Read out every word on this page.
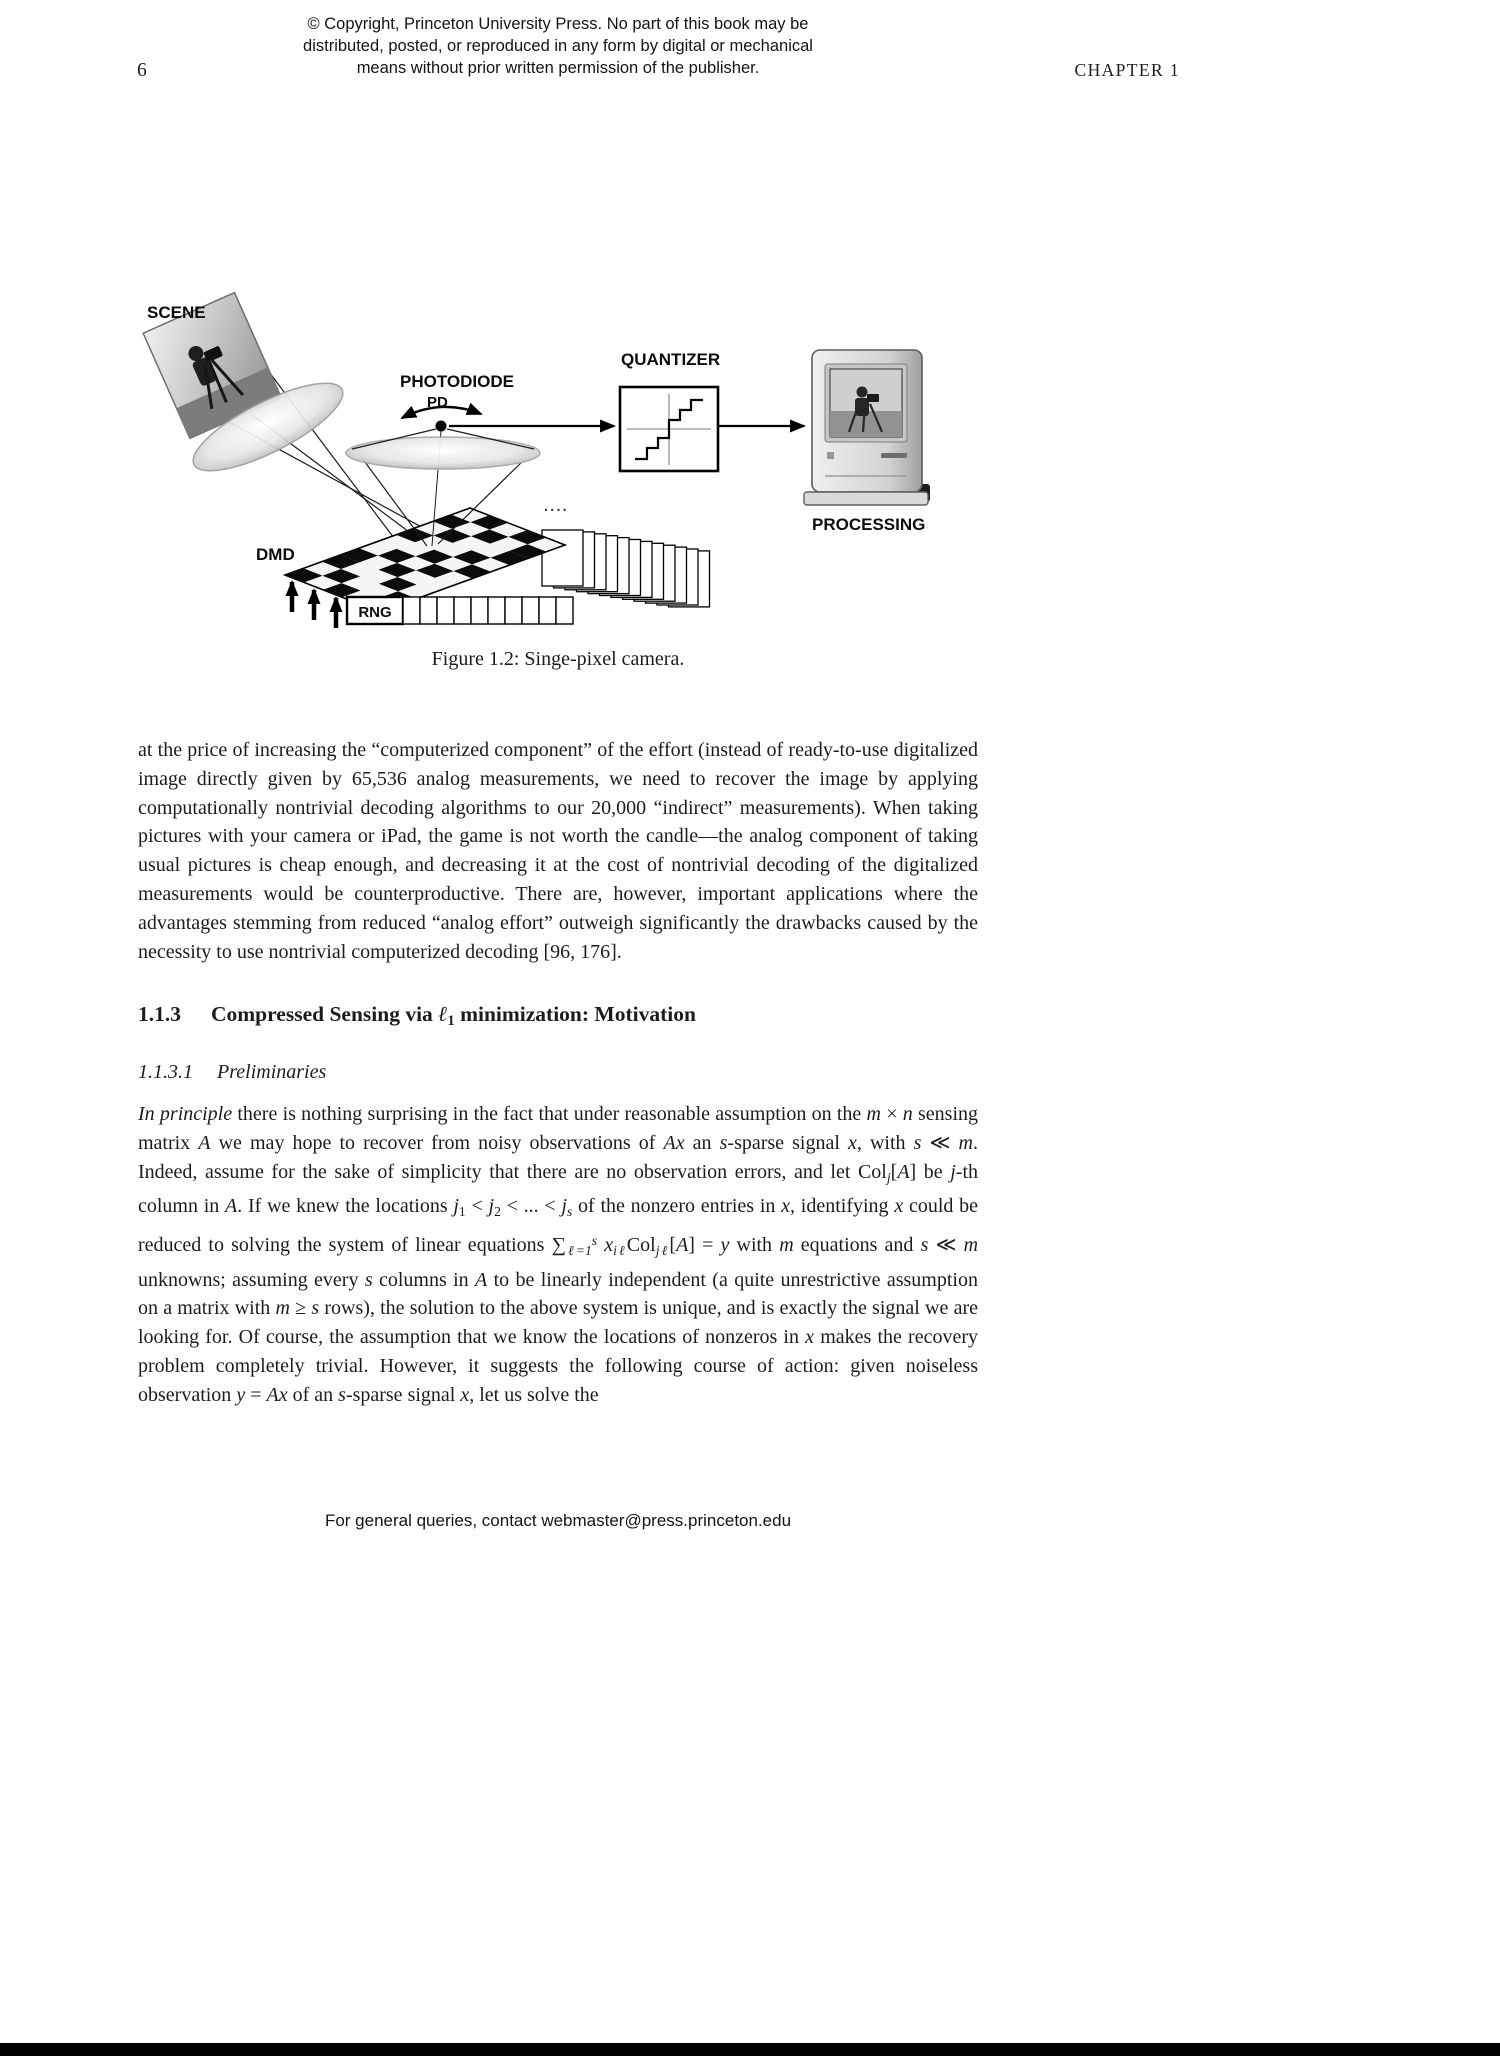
© Copyright, Princeton University Press. No part of this book may be
distributed, posted, or reproduced in any form by digital or mechanical
means without prior written permission of the publisher.
6	CHAPTER 1
SCENE
PHOTODIODE
PD
QUANTIZER
PROCESSING
DMD
RNG
....
Figure 1.2: Singe-pixel camera.

at the price of increasing the “computerized component” of the effort (instead of ready-to-use digitalized image directly given by 65,536 analog measurements, we need to recover the image by applying computationally nontrivial decoding algorithms to our 20,000 “indirect” measurements). When taking pictures with your camera or iPad, the game is not worth the candle—the analog component of taking usual pictures is cheap enough, and decreasing it at the cost of nontrivial decoding of the digitalized measurements would be counterproductive. There are, however, important applications where the advantages stemming from reduced “analog effort” outweigh significantly the drawbacks caused by the necessity to use nontrivial computerized decoding [96, 176].

1.1.3 Compressed Sensing via ℓ1 minimization: Motivation
1.1.3.1 Preliminaries

In principle there is nothing surprising in the fact that under reasonable assumption on the m × n sensing matrix A we may hope to recover from noisy observations of Ax an s-sparse signal x, with s ≪ m. Indeed, assume for the sake of simplicity that there are no observation errors, and let Colj[A] be j-th column in A. If we knew the locations j1 < j2 < ... < js of the nonzero entries in x, identifying x could be reduced to solving the system of linear equations $\sum\ell=1^s$ xiℓColjℓ[A] = y with m equations and s ≪ m unknowns; assuming every s columns in A to be linearly independent (a quite unrestrictive assumption on a matrix with m ≥ s rows), the solution to the above system is unique, and is exactly the signal we are looking for. Of course, the assumption that we know the locations of nonzeros in x makes the recovery problem completely trivial. However, it suggests the following course of action: given noiseless observation y = Ax of an s-sparse signal x, let us solve the

For general queries, contact webmaster@press.princeton.edu
